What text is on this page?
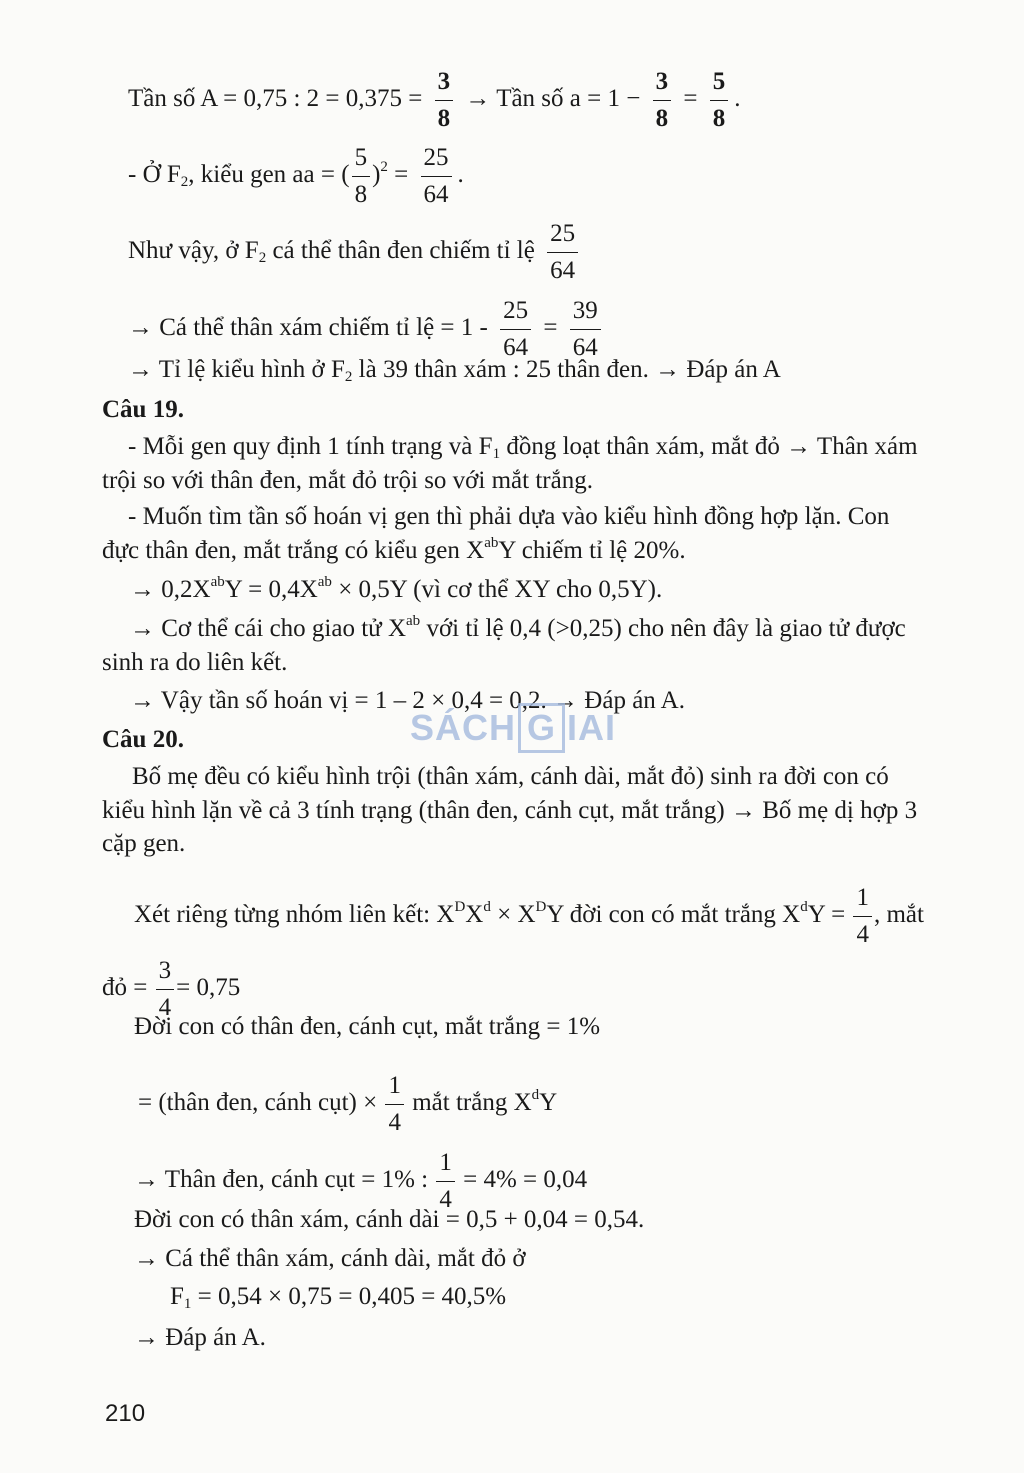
Tần số A = 0,75 : $2 = 0,375 = \frac{3}{8}$ → Tần số $a = 1 - \frac{3}{8} = \frac{5}{8}$ .
- Ở $F_2$, kiểu gen aa = ( $\frac{5}{8} )^2 = \frac{25}{64}$ .
Như vậy, ở $F_2$ cá thể thân đen chiếm tỉ lệ $\frac{25}{64}$
→ Cá thể thân xám chiếm tỉ lệ = $1 - \frac{25}{64} = \frac{39}{64}$
→ Tỉ lệ kiểu hình ở $F_2$ là 39 thân xám : 25 thân đen. → Đáp án A
Câu 19.
- Mỗi gen quy định 1 tính trạng và $F_1$ đồng loạt thân xám, mắt đỏ → Thân xám
trội so với thân đen, mắt đỏ trội so với mắt trắng.
- Muốn tìm tần số hoán vị gen thì phải dựa vào kiểu hình đồng hợp lặn. Con
đực thân đen, mắt trắng có kiểu gen $X^{ab}Y$ chiếm tỉ lệ 20%.
→ $0,2X^{ab}Y = 0,4X^{ab} \times 0,5Y$ (vì cơ thể XY cho 0,5Y).
→ Cơ thể cái cho giao tử $X^{ab}$ với tỉ lệ 0,4 (>0,25) cho nên đây là giao tử được
sinh ra do liên kết.
→ Vậy tần số hoán vị = 1 – 2 × 0,4 = 0,2. → Đáp án A.
SÁCH G IAI
Câu 20.
Bố mẹ đều có kiểu hình trội (thân xám, cánh dài, mắt đỏ) sinh ra đời con có
kiểu hình lặn về cả 3 tính trạng (thân đen, cánh cụt, mắt trắng) → Bố mẹ dị hợp 3
cặp gen.
Xét riêng từng nhóm liên kết: $X^DX^d \times X^DY$ đời con có mắt trắng $X^dY = \frac{1}{4}$ , mắt
đỏ = $\frac{3}{4} = 0,75$
Đời con có thân đen, cánh cụt, mắt trắng = 1%
= (thân đen, cánh cụt) × $\frac{1}{4}$ mắt trắng $X^dY$
→ Thân đen, cánh cụt = 1% : $\frac{1}{4} = 4\% = 0,04$
Đời con có thân xám, cánh dài = 0,5 + 0,04 = 0,54.
→ Cá thể thân xám, cánh dài, mắt đỏ ở
$F_1 = 0,54 \times 0,75 = 0,405 = 40,5\%$
→ Đáp án A.
210
